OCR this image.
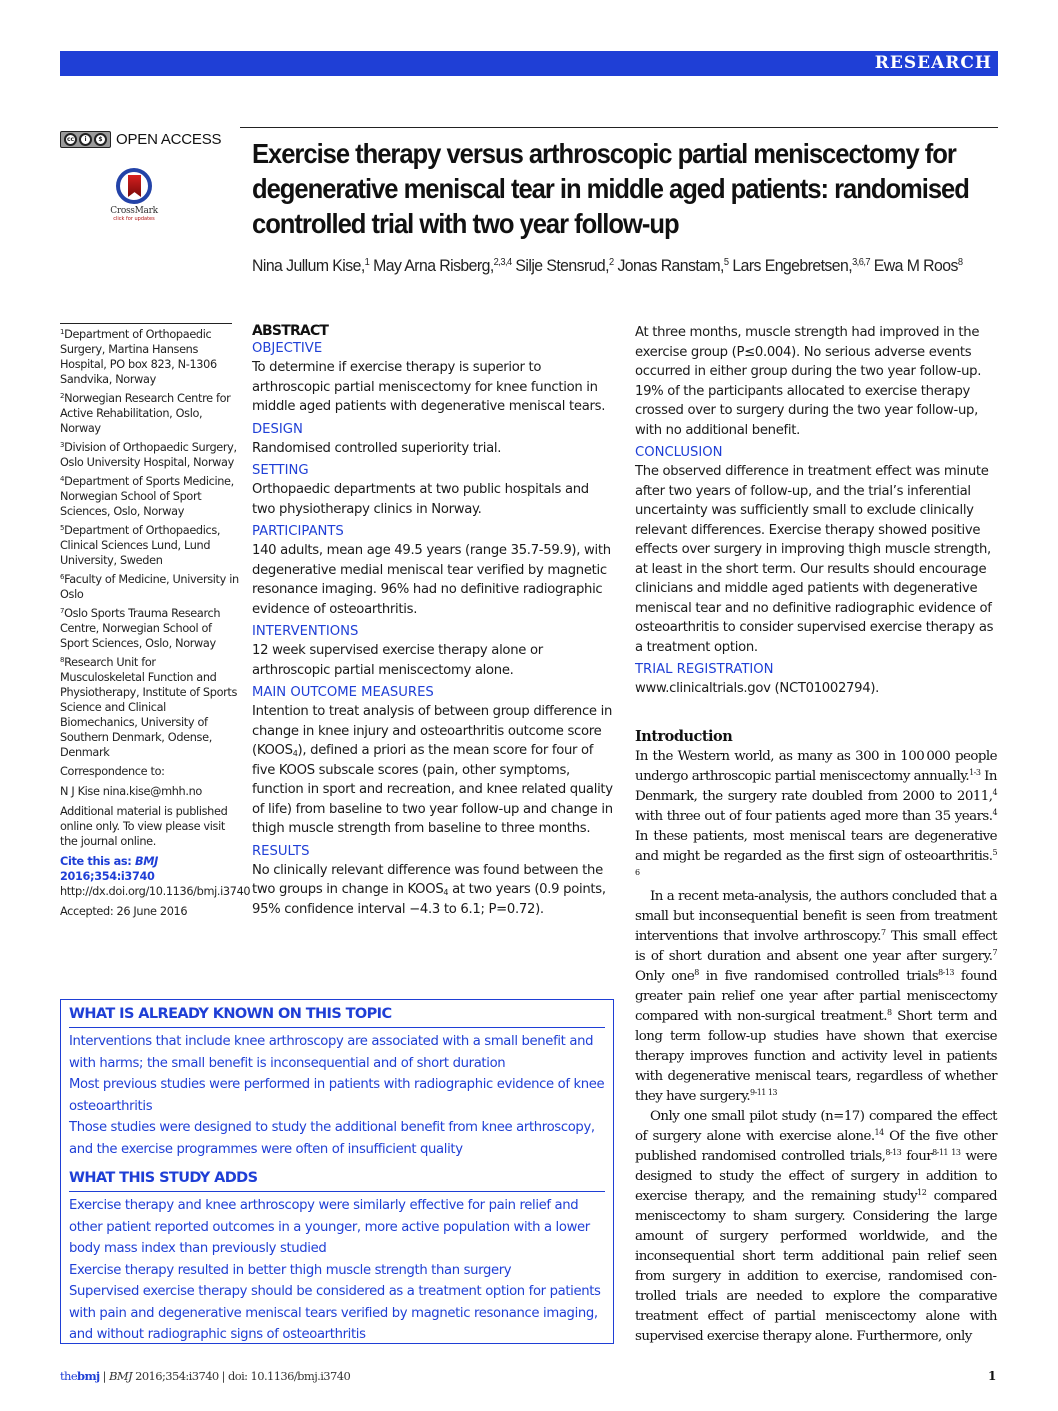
RESEARCH
cc	i	$ OPEN ACCESS
CrossMark
click for updates
Exercise therapy versus arthroscopic partial meniscectomy for degenerative meniscal tear in middle aged patients: randomised controlled trial with two year follow-up
Nina Jullum Kise,$^1$ May Arna Risberg,$^{2,3,4}$ Silje Stensrud,$^2$ Jonas Ranstam,$^5$ Lars Engebretsen,$^{3,6,7}$ Ewa M Roos$^8$
$^1$Department of Orthopaedic Surgery, Martina Hansens Hospital, PO box 823, N-1306 Sandvika, Norway
$^2$Norwegian Research Centre for Active Rehabilitation, Oslo, Norway
$^3$Division of Orthopaedic Surgery, Oslo University Hospital, Norway
$^4$Department of Sports Medicine, Norwegian School of Sport Sciences, Oslo, Norway
$^5$Department of Orthopaedics, Clinical Sciences Lund, Lund University, Sweden
$^6$Faculty of Medicine, University in Oslo
$^7$Oslo Sports Trauma Research Centre, Norwegian School of Sport Sciences, Oslo, Norway
$^8$Research Unit for Musculoskeletal Function and Physiotherapy, Institute of Sports Science and Clinical Biomechanics, University of Southern Denmark, Odense, Denmark
Correspondence to:
N J Kise nina.kise@mhh.no
Additional material is published online only. To view please visit the journal online.
Cite this as: BMJ 2016;354:i3740
http://dx.doi.org/10.1136/bmj.i3740
Accepted: 26 June 2016
ABSTRACT
OBJECTIVE
To determine if exercise therapy is superior to arthroscopic partial meniscectomy for knee function in middle aged patients with degenerative meniscal tears.
DESIGN
Randomised controlled superiority trial.
SETTING
Orthopaedic departments at two public hospitals and two physiotherapy clinics in Norway.
PARTICIPANTS
140 adults, mean age 49.5 years (range 35.7-59.9), with degenerative medial meniscal tear verified by magnetic resonance imaging. 96% had no definitive radiographic evidence of osteoarthritis.
INTERVENTIONS
12 week supervised exercise therapy alone or arthroscopic partial meniscectomy alone.
MAIN OUTCOME MEASURES
Intention to treat analysis of between group difference in change in knee injury and osteoarthritis outcome score $(KOOS_4)$, defined a priori as the mean score for four of five KOOS subscale scores (pain, other symptoms, function in sport and recreation, and knee related quality of life) from baseline to two year follow-up and change in thigh muscle strength from baseline to three months.
RESULTS
No clinically relevant difference was found between the two groups in change in $KOOS_4$ at two years (0.9 points, 95% confidence interval −4.3 to 6.1; P=0.72).
At three months, muscle strength had improved in the exercise group (P≤0.004). No serious adverse events occurred in either group during the two year follow-up. 19% of the participants allocated to exercise therapy crossed over to surgery during the two year follow-up, with no additional benefit.
CONCLUSION
The observed difference in treatment effect was minute after two years of follow-up, and the trial’s inferential uncertainty was sufficiently small to exclude clinically relevant differences. Exercise therapy showed positive effects over surgery in improving thigh muscle strength, at least in the short term. Our results should encourage clinicians and middle aged patients with degenerative meniscal tear and no definitive radiographic evidence of osteoarthritis to consider supervised exercise therapy as a treatment option.
TRIAL REGISTRATION
www.clinicaltrials.gov (NCT01002794).
Introduction

In the Western world, as many as 300 in 100 000 people undergo arthroscopic partial meniscectomy annually.$^{1-3}$ In Denmark, the surgery rate doubled from 2000 to 2011,$^4$ with three out of four patients aged more than 35 years.$^4$ In these patients, most meniscal tears are degenerative and might be regarded as the first sign of osteoarthritis.$^{5 6}$

In a recent meta-analysis, the authors concluded that a small but inconsequential benefit is seen from treatment interventions that involve arthroscopy.$^7$ This small effect is of short duration and absent one year after surgery.$^7$ Only one$^8$ in five randomised controlled trials$^{8-13}$ found greater pain relief one year after partial meniscectomy compared with non-surgical treatment.$^8$ Short term and long term follow-up studies have shown that exercise therapy improves function and activity level in patients with degenerative meniscal tears, regardless of whether they have surgery.$^{9-11 13}$

Only one small pilot study (n=17) compared the effect of surgery alone with exercise alone.$^{14}$ Of the five other published randomised controlled trials,$^{8-13}$ four$^{8-11 13}$ were designed to study the effect of surgery in addition to exercise therapy, and the remaining study$^{12}$ compared meniscectomy to sham surgery. Considering the large amount of surgery performed worldwide, and the inconsequential short term additional pain relief seen from surgery in addition to exercise, randomised controlled trials are needed to explore the comparative treatment effect of partial meniscectomy alone with supervised exercise therapy alone. Furthermore, only

WHAT IS ALREADY KNOWN ON THIS TOPIC
Interventions that include knee arthroscopy are associated with a small benefit and with harms; the small benefit is inconsequential and of short duration
Most previous studies were performed in patients with radiographic evidence of knee osteoarthritis
Those studies were designed to study the additional benefit from knee arthroscopy, and the exercise programmes were often of insufficient quality
WHAT THIS STUDY ADDS
Exercise therapy and knee arthroscopy were similarly effective for pain relief and other patient reported outcomes in a younger, more active population with a lower body mass index than previously studied
Exercise therapy resulted in better thigh muscle strength than surgery
Supervised exercise therapy should be considered as a treatment option for patients with pain and degenerative meniscal tears verified by magnetic resonance imaging, and without radiographic signs of osteoarthritis
thebmj | BMJ 2016;354:i3740 | doi: 10.1136/bmj.i3740	1
